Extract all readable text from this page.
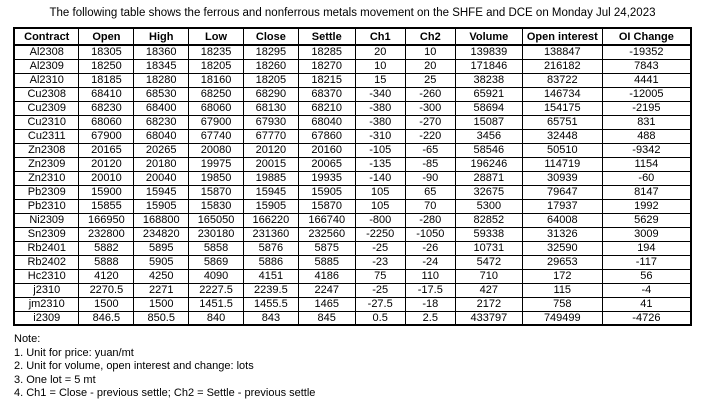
The following table shows the ferrous and nonferrous metals movement on the SHFE and DCE on Monday Jul 24,2023
Contract	Open	High	Low	Close	Settle	Ch1	Ch2	Volume	Open interest	OI Change
Al2308	18305	18360	18235	18295	18285	20	10	139839	138847	-19352
Al2309	18250	18345	18205	18260	18270	10	20	171846	216182	7843
Al2310	18185	18280	18160	18205	18215	15	25	38238	83722	4441
Cu2308	68410	68530	68250	68290	68370	-340	-260	65921	146734	-12005
Cu2309	68230	68400	68060	68130	68210	-380	-300	58694	154175	-2195
Cu2310	68060	68230	67900	67930	68040	-380	-270	15087	65751	831
Cu2311	67900	68040	67740	67770	67860	-310	-220	3456	32448	488
Zn2308	20165	20265	20080	20120	20160	-105	-65	58546	50510	-9342
Zn2309	20120	20180	19975	20015	20065	-135	-85	196246	114719	1154
Zn2310	20010	20040	19850	19885	19935	-140	-90	28871	30939	-60
Pb2309	15900	15945	15870	15945	15905	105	65	32675	79647	8147
Pb2310	15855	15905	15830	15905	15870	105	70	5300	17937	1992
Ni2309	166950	168800	165050	166220	166740	-800	-280	82852	64008	5629
Sn2309	232800	234820	230180	231360	232560	-2250	-1050	59338	31326	3009
Rb2401	5882	5895	5858	5876	5875	-25	-26	10731	32590	194
Rb2402	5888	5905	5869	5886	5885	-23	-24	5472	29653	-117
Hc2310	4120	4250	4090	4151	4186	75	110	710	172	56
j2310	2270.5	2271	2227.5	2239.5	2247	-25	-17.5	427	115	-4
jm2310	1500	1500	1451.5	1455.5	1465	-27.5	-18	2172	758	41
i2309	846.5	850.5	840	843	845	0.5	2.5	433797	749499	-4726
Note:
1. Unit for price: yuan/mt
2. Unit for volume, open interest and change: lots
3. One lot = 5 mt
4. Ch1 = Close - previous settle; Ch2 = Settle - previous settle
